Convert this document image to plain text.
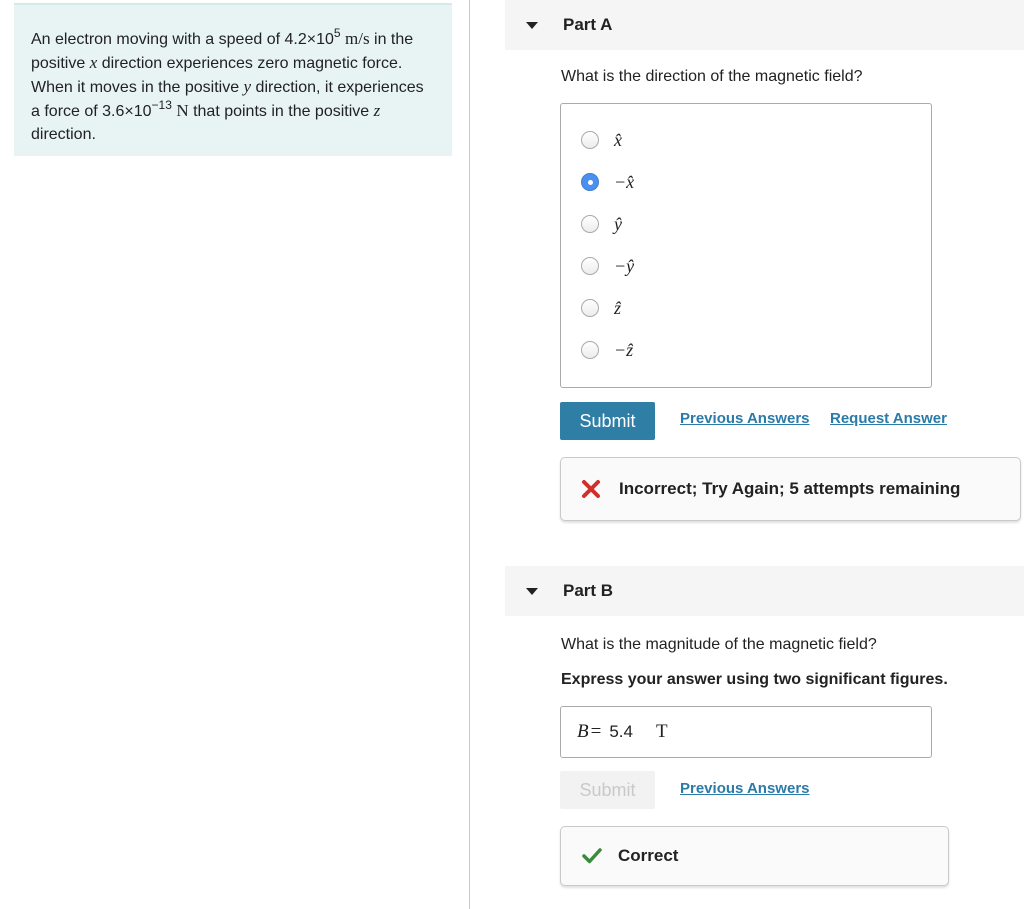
An electron moving with a speed of $4.2\times 10^5$ m/s in the positive x direction experiences zero magnetic force. When it moves in the positive y direction, it experiences a force of $3.6\times 10^{-13}$ N that points in the positive z direction.
Part A
What is the direction of the magnetic field?
x̂
−x̂
ŷ
−ŷ
ẑ
−ẑ
Submit	Previous Answers Request Answer
Incorrect; Try Again; 5 attempts remaining
Part B
What is the magnitude of the magnetic field?
Express your answer using two significant figures.
B = 5.4 T
Submit	Previous Answers
Correct
